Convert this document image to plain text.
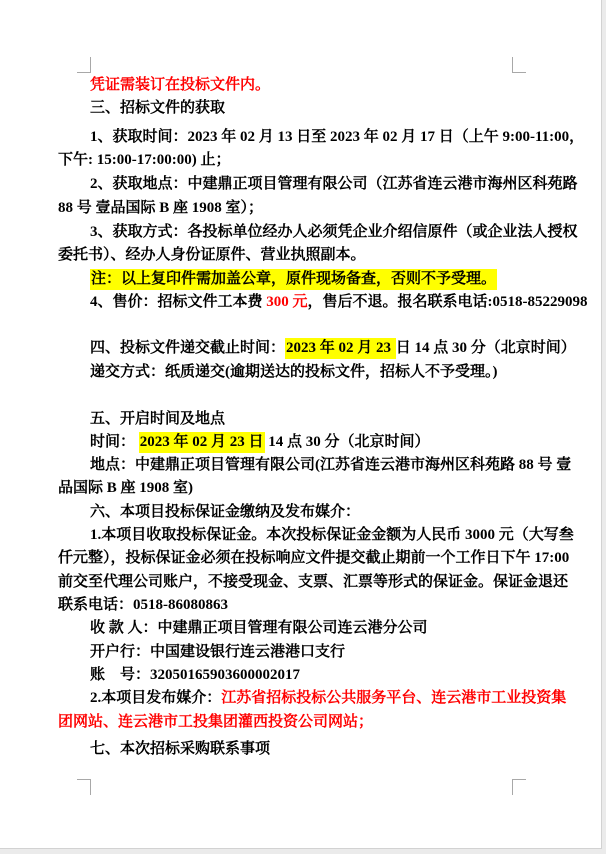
凭证需装订在投标文件内。
三、招标文件的获取
1、获取时间：2023 年 02 月 13 日至 2023 年 02 月 17 日（上午 9:00-11:00，
下午: 15:00-17:00:00) 止；
2、获取地点：中建鼎正项目管理有限公司（江苏省连云港市海州区科苑路
88 号 壹品国际 B 座 1908 室）；
3、获取方式：各投标单位经办人必须凭企业介绍信原件（或企业法人授权
委托书）、经办人身份证原件、营业执照副本。
注：以上复印件需加盖公章，原件现场备查，否则不予受理。
4、售价：招标文件工本费 300 元，售后不退。报名联系电话:0518-85229098
四、投标文件递交截止时间：2023 年 02 月 23 日 14 点 30 分（北京时间）
递交方式：纸质递交(逾期送达的投标文件，招标人不予受理。)
五、开启时间及地点
时间： 2023 年 02 月 23 日 14 点 30 分（北京时间）
地点：中建鼎正项目管理有限公司(江苏省连云港市海州区科苑路 88 号 壹
品国际 B 座 1908 室)
六、本项目投标保证金缴纳及发布媒介：
1.本项目收取投标保证金。本次投标保证金金额为人民币 3000 元（大写叁
仟元整），投标保证金必须在投标响应文件提交截止期前一个工作日下午 17:00
前交至代理公司账户，不接受现金、支票、汇票等形式的保证金。保证金退还
联系电话：0518-86080863
收 款 人：中建鼎正项目管理有限公司连云港分公司
开户行：中国建设银行连云港港口支行
账　号：32050165903600002017
2.本项目发布媒介：江苏省招标投标公共服务平台、连云港市工业投资集
团网站、连云港市工投集团灌西投资公司网站；
七、本次招标采购联系事项
